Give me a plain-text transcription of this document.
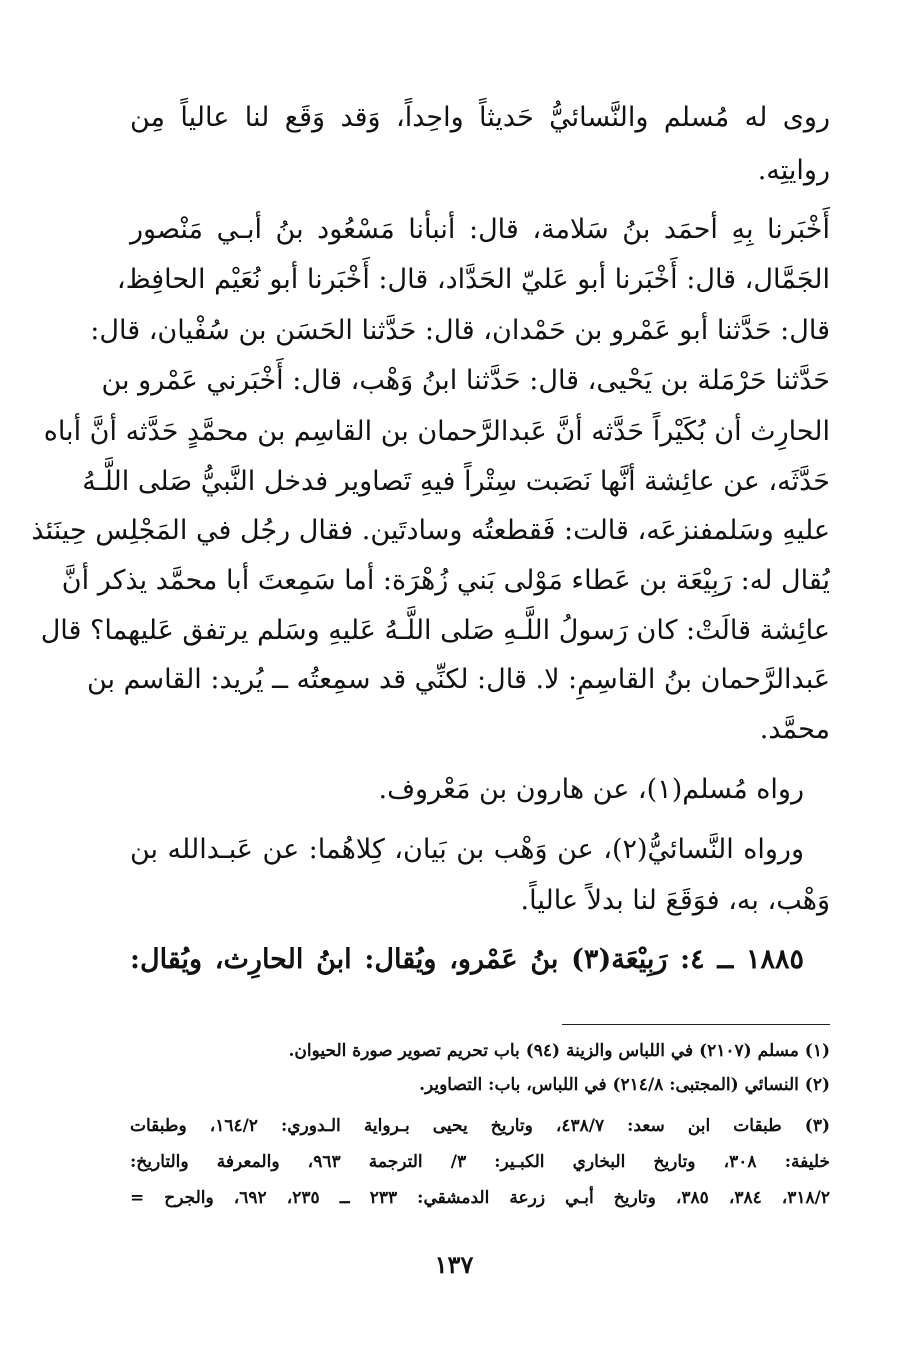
روى له مُسلم والنَّسائيُّ حَديثاً واحِداً، وَقد وَقَع لنا عالياً مِن
روايتِه.
أَخْبَرنا بِهِ أحمَد بنُ سَلامة، قال: أنبأنا مَسْعُود بنُ أبـي مَنْصور
الجَمَّال، قال: أَخْبَرنا أبو عَليّ الحَدَّاد، قال: أَخْبَرنا أبو نُعَيْم الحافِظ،
قال: حَدَّثنا أبو عَمْرو بن حَمْدان، قال: حَدَّثنا الحَسَن بن سُفْيان، قال:
حَدَّثنا حَرْمَلة بن يَحْيى، قال: حَدَّثنا ابنُ وَهْب، قال: أَخْبَرني عَمْرو بن
الحارِث أن بُكَيْراً حَدَّثه أنَّ عَبدالرَّحمان بن القاسِم بن محمَّدٍ حَدَّثه أنَّ أباه
حَدَّثَه، عن عائِشة أنَّها نَصَبت سِتْراً فيهِ تَصاوير فدخل النَّبيُّ صَلى اللَّـهُ
عليهِ وسَلمفنزعَه، قالت: فَقطعتُه وسادتَين. فقال رجُل في المَجْلِس حِينَئذ
يُقال له: رَبِيْعَة بن عَطاء مَوْلى بَني زُهْرَة: أما سَمِعتَ أبا محمَّد يذكر أنَّ
عائِشة قالَتْ: كان رَسولُ اللَّـهِ صَلى اللَّـهُ عَليهِ وسَلم يرتفق عَليهما؟ قال
عَبدالرَّحمان بنُ القاسِمِ: لا. قال: لكنِّي قد سمِعتُه ــ يُريد: القاسم بن
محمَّد.
رواه مُسلم(١)، عن هارون بن مَعْروف.
ورواه النَّسائيُّ(٢)، عن وَهْب بن بَيان، كِلاهُما: عن عَبـدالله بن
وَهْب، به، فوَقَعَ لنا بدلاً عالياً.
١٨٨٥ ــ ٤: رَبِيْعَة(٣) بنُ عَمْرو، ويُقال: ابنُ الحارِث، ويُقال:
(١) مسلم (٢١٠٧) في اللباس والزينة (٩٤) باب تحريم تصوير صورة الحيوان.
(٢) النسائي (المجتبى: ٢١٤/٨) في اللباس، باب: التصاوير.
(٣) طبقات ابن سعد: ٤٣٨/٧، وتاريخ يحيى بـرواية الـدوري: ١٦٤/٢، وطبقات
خليفة: ٣٠٨، وتاريخ البخاري الكبـير: ٣/ الترجمة ٩٦٣، والمعرفة والتاريخ:
٣١٨/٢، ٣٨٤، ٣٨٥، وتاريخ أبـي زرعة الدمشقي: ٢٣٣ ــ ٢٣٥، ٦٩٢، والجرح =
١٣٧
